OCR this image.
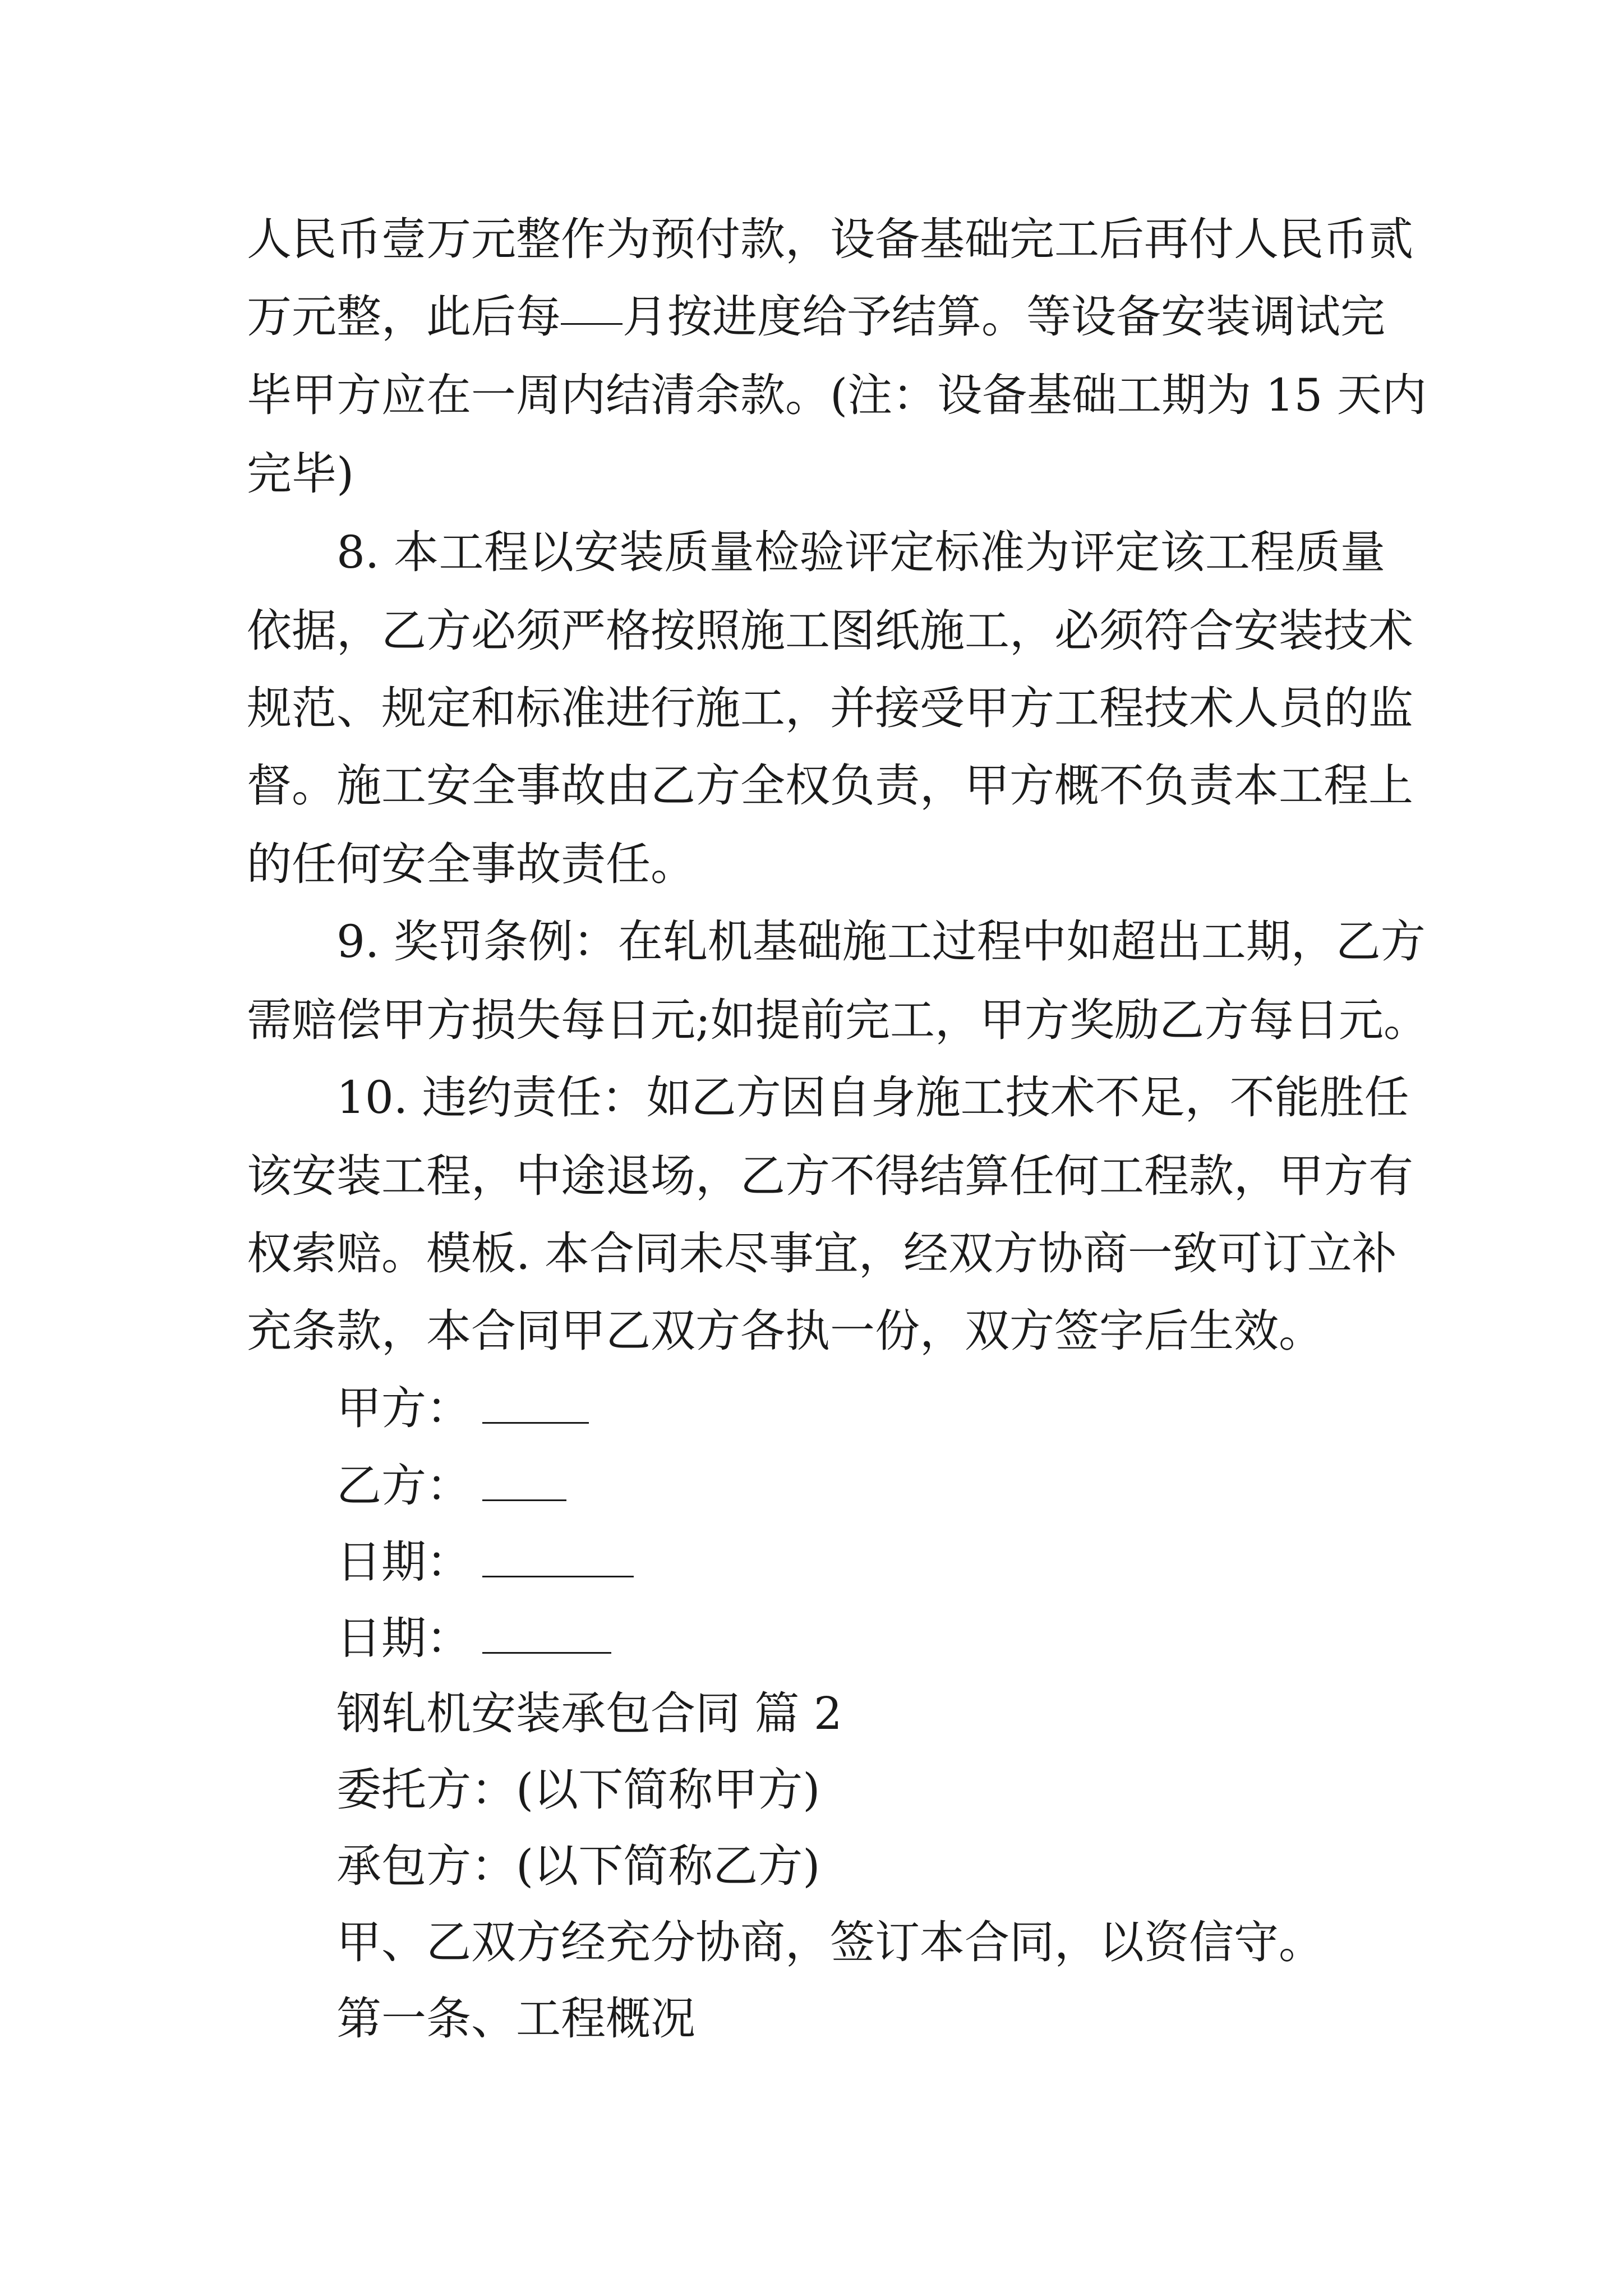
人民币壹万元整作为预付款，设备基础完工后再付人民币贰
万元整，此后每 月按进度给予结算。等设备安装调试完
毕甲方应在一周内结清余款。(注：设备基础工期为 15 天内
完毕)
8. 本工程以安装质量检验评定标准为评定该工程质量
依据，乙方必须严格按照施工图纸施工，必须符合安装技术
规范、规定和标准进行施工，并接受甲方工程技术人员的监
督。施工安全事故由乙方全权负责，甲方概不负责本工程上
的任何安全事故责任。
9. 奖罚条例：在轧机基础施工过程中如超出工期，乙方
需赔偿甲方损失每日元;如提前完工，甲方奖励乙方每日元。
10. 违约责任：如乙方因自身施工技术不足，不能胜任
该安装工程，中途退场，乙方不得结算任何工程款，甲方有
权索赔。模板. 本合同未尽事宜，经双方协商一致可订立补
充条款，本合同甲乙双方各执一份，双方签字后生效。
甲方：
乙方：
日期：
日期：
钢轧机安装承包合同 篇 2
委托方：(以下简称甲方)
承包方：(以下简称乙方)
甲、乙双方经充分协商，签订本合同，以资信守。
第一条、工程概况
